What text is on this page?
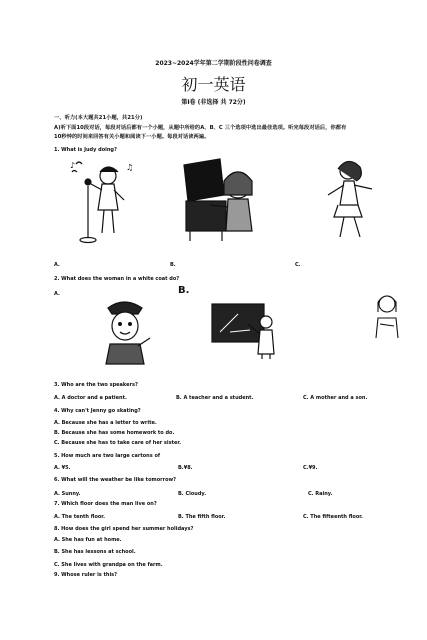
2023~2024学年第二学期阶段性问卷调查
初一英语
第Ⅰ卷 (非选择 共 72分)
一、听力(本大题共21小题，共21分)
A)听下面10段对话，每段对话后都有一个小题，从题中所给的A、B、C 三个选项中选出最佳选项。听完每段对话后，你都有
10秒钟的时间来回答有关小题和阅读下一小题。每段对话读两遍。
1. What is Judy doing?
♪	♫
A.	B.	C.
2. What does the woman in a white coat do?
A.	B.
3. Who are the two speakers?
A. A doctor and a patient.	B. A teacher and a student.	C. A mother and a son.
4. Why can't Jenny go skating?
A. Because she has a letter to write.
B. Because she has some homework to do.
C. Because she has to take care of her sister.
5. How much are two large cartons of
A. ¥5.	B.¥8.	C.¥9.
6. What will the weather be like tomorrow?
A. Sunny.	B. Cloudy.	C. Rainy.
7. Which floor does the man live on?
A. The tenth floor.	B. The fifth floor.	C. The fifteenth floor.
8. How does the girl spend her summer holidays?
A. She has fun at home.
B. She has lessons at school.
C. She lives with grandpa on the farm.
9. Whose ruler is this?
